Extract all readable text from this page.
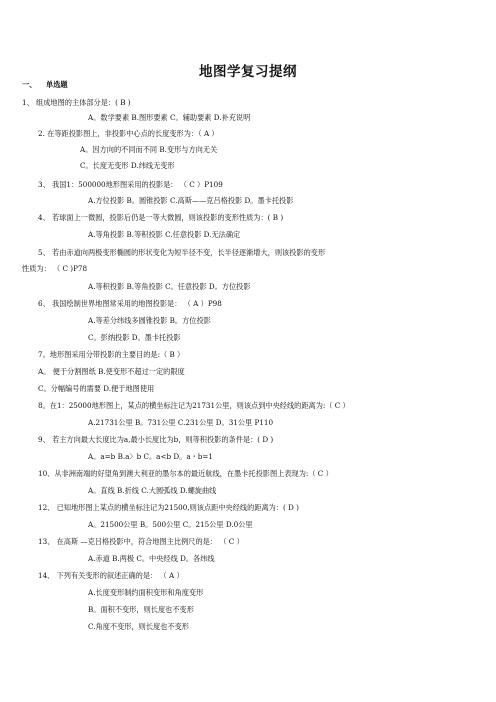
地图学复习提纲
一、 单选题
1、 组成地图的主体部分是：( B )
A。数学要素 B.图形要素 C。辅助要素 D.补充说明
2. 在等距投影图上，非投影中心点的长度变形为：（ A ）
A。因方向的不同而不同 B.变形与方向无关
C。长度无变形 D.纬线无变形
3、 我国1：500000地形图采用的投影是： （ C ）P109
A.方位投影 B。圆锥投影 C.高斯——克吕格投影 D。墨卡托投影
4、 若球面上一微圆，投影后仍是一等大微圆，则该投影的变形性质为：( B )
A.等角投影 B.等积投影 C.任意投影 D.无法确定
5、 若由赤道向两极变形椭圆的形状变化为短半径不变，长半径逐渐增大，则该投影的变形
性质为： （ C )P78
A.等积投影 B.等角投影 C。任意投影 D。方位投影
6、 我国绘制世界地图常采用的地图投影是： （ A ）P98
A.等差分纬线多圆锥投影 B。方位投影
C。彭纳投影 D。墨卡托投影
7。地形图采用分带投影的主要目的是:（ B ）
A。 便于分割图纸 B.使变形不超过一定的限度
C。分幅编号的需要 D.便于地图使用
8。在1：25000地形图上，某点的横坐标注记为21731公里，则该点到中央经线的距离为:（ C ）
A.21731公里 B。731公里 C.231公里 D。31公里 P110
9、 若主方向最大长度比为a,最小长度比为b，则等积投影的条件是：( D )
A。a=b B.a〉b C。a<b D。a・b=1
10、从非洲南端的好望角到澳大利亚的墨尔本的最近航线，在墨卡托投影图上表现为:（ C ）
A。直线 B.折线 C.大圆弧线 D.螺旋曲线
12、 已知地形图上某点的横坐标注记为21500,则该点距中央经线的距离为：( D )
A。21500公里 B。500公里 C。215公里 D.0公里
13、 在高斯 —克吕格投影中，符合地图主比例尺的是： （ C ）
A.赤道 B.两极 C。中央经线 D。各纬线
14、 下列有关变形的叙述正确的是： （ A ）
A.长度变形制约面积变形和角度变形
B。面积不变形，则长度也不变形
C.角度不变形，则长度也不变形
